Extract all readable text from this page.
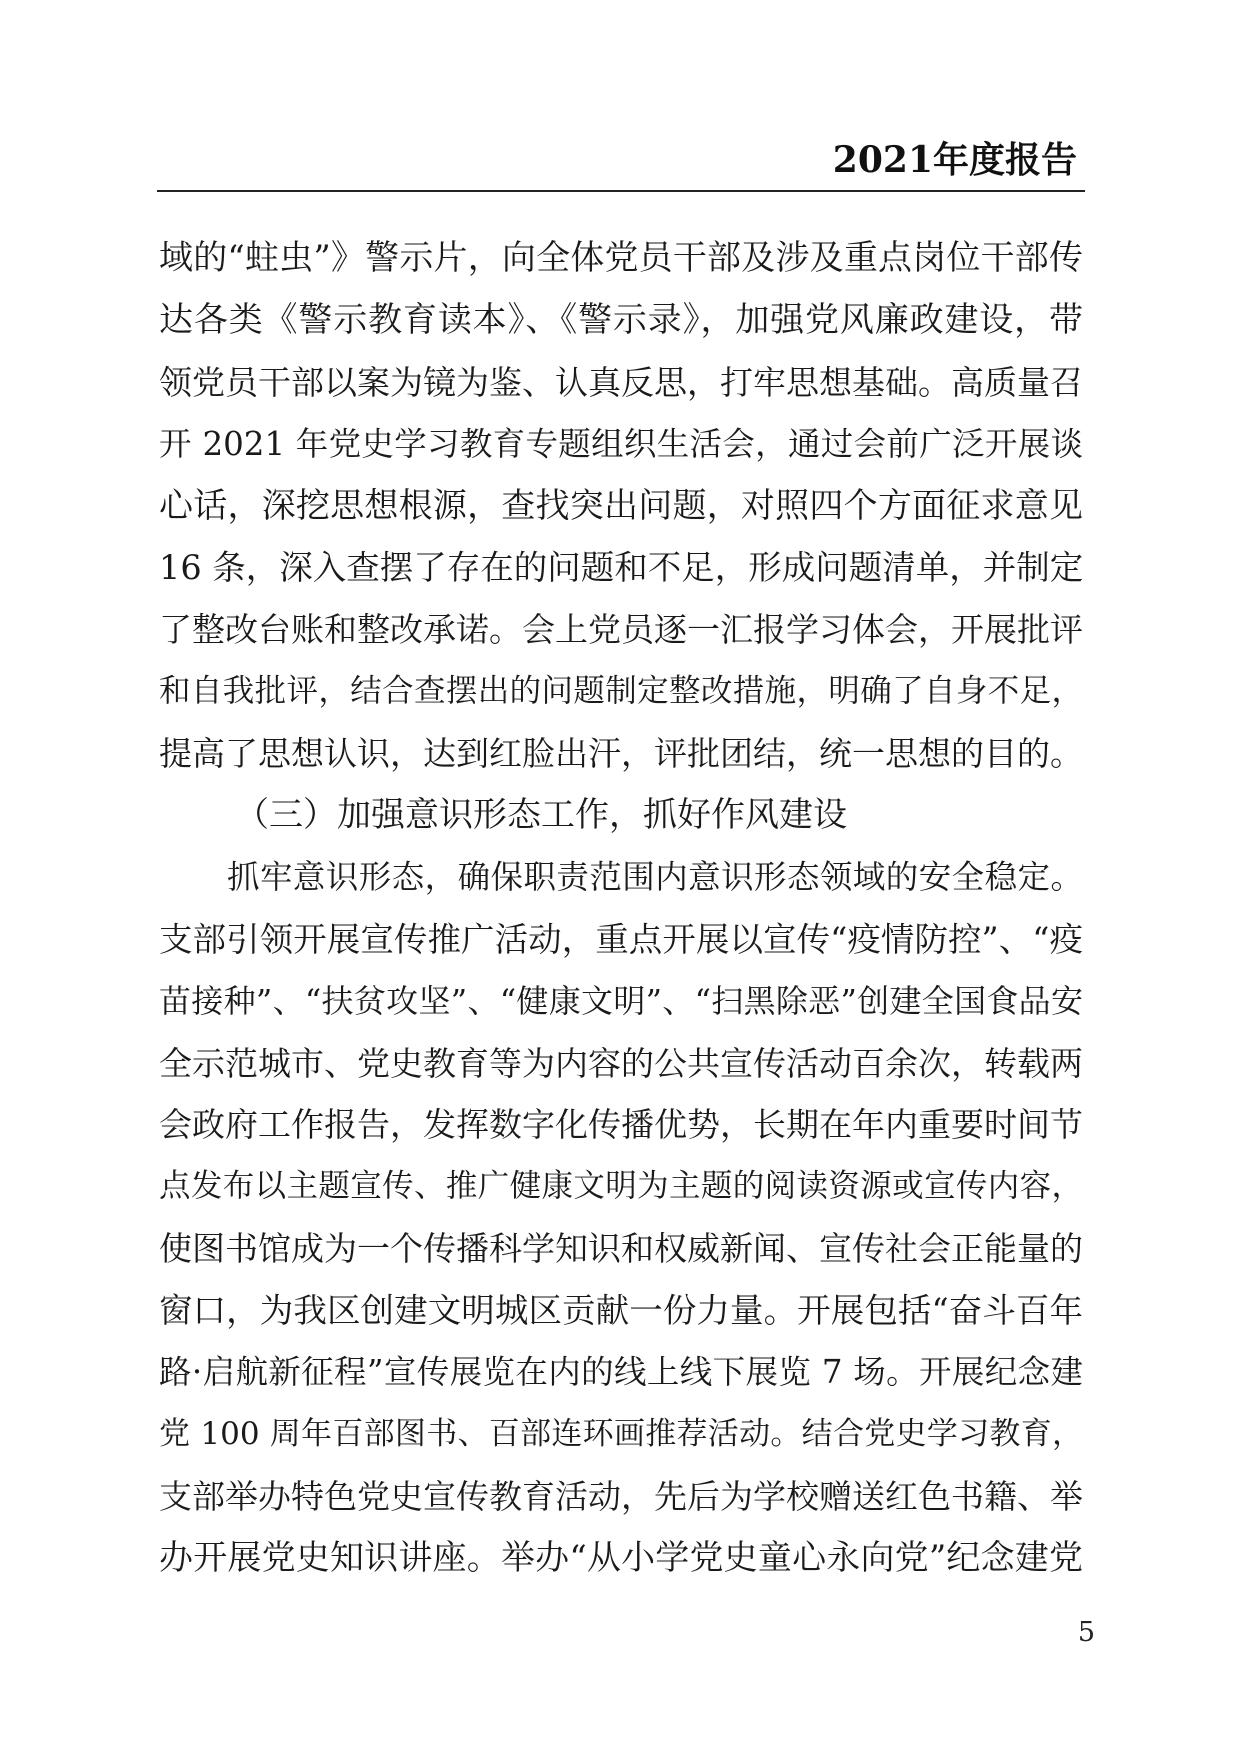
2021年度报告
域的“蛀虫”》警示片，向全体党员干部及涉及重点岗位干部传
达各类《警示教育读本》、《警示录》，加强党风廉政建设，带
领党员干部以案为镜为鉴、认真反思，打牢思想基础。高质量召
开 2021 年党史学习教育专题组织生活会，通过会前广泛开展谈
心话，深挖思想根源，查找突出问题，对照四个方面征求意见
16 条，深入查摆了存在的问题和不足，形成问题清单，并制定
了整改台账和整改承诺。会上党员逐一汇报学习体会，开展批评
和自我批评，结合查摆出的问题制定整改措施，明确了自身不足，
提高了思想认识，达到红脸出汗，评批团结，统一思想的目的。
（三）加强意识形态工作，抓好作风建设
抓牢意识形态，确保职责范围内意识形态领域的安全稳定。
支部引领开展宣传推广活动，重点开展以宣传“疫情防控”、“疫
苗接种”、“扶贫攻坚”、“健康文明”、“扫黑除恶”创建全国食品安
全示范城市、党史教育等为内容的公共宣传活动百余次，转载两
会政府工作报告，发挥数字化传播优势，长期在年内重要时间节
点发布以主题宣传、推广健康文明为主题的阅读资源或宣传内容，
使图书馆成为一个传播科学知识和权威新闻、宣传社会正能量的
窗口，为我区创建文明城区贡献一份力量。开展包括“奋斗百年
路·启航新征程”宣传展览在内的线上线下展览 7 场。开展纪念建
党 100 周年百部图书、百部连环画推荐活动。结合党史学习教育，
支部举办特色党史宣传教育活动，先后为学校赠送红色书籍、举
办开展党史知识讲座。举办“从小学党史童心永向党”纪念建党
5
